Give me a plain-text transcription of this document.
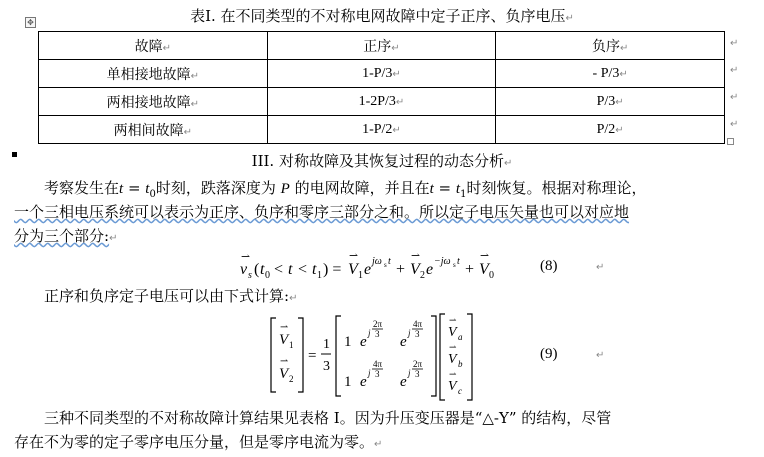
表Ⅰ. 在不同类型的不对称电网故障中定子正序、负序电压↵
✥
故障↵	正序↵	负序↵
单相接地故障↵	1-P/3↵	- P/3↵
两相接地故障↵	1-2P/3↵	P/3↵
两相间故障↵	1-P/2↵	P/2↵
↵
↵
↵
↵
III. 对称故障及其恢复过程的动态分析↵
考察发生在$t = t_0$时刻，跌落深度为 P 的电网故障，并且在$t = t_1$时刻恢复。根据对称理论，
一个三相电压系统可以表示为正序、负序和零序三部分之和。所以定子电压矢量也可以对应地
分为三个部分:↵
v
⇀
s ( t 0 < t < t 1 ) = V
⇀
1 e jω s t + V
⇀
2 e −jω s t + V
⇀
0
(8)	↵
正序和负序定子电压可以由下式计算:↵
V
⇀
1
V
⇀
2
=
1
3
1 e
j
2π
3 e
j
4π
3
1 e
j
4π
3 e
j
2π
3
V
⇀
a
V
⇀
b
V
⇀
c
(9)	↵
三种不同类型的不对称故障计算结果见表格 I。因为升压变压器是“△-Y” 的结构，尽管
存在不为零的定子零序电压分量，但是零序电流为零。↵
